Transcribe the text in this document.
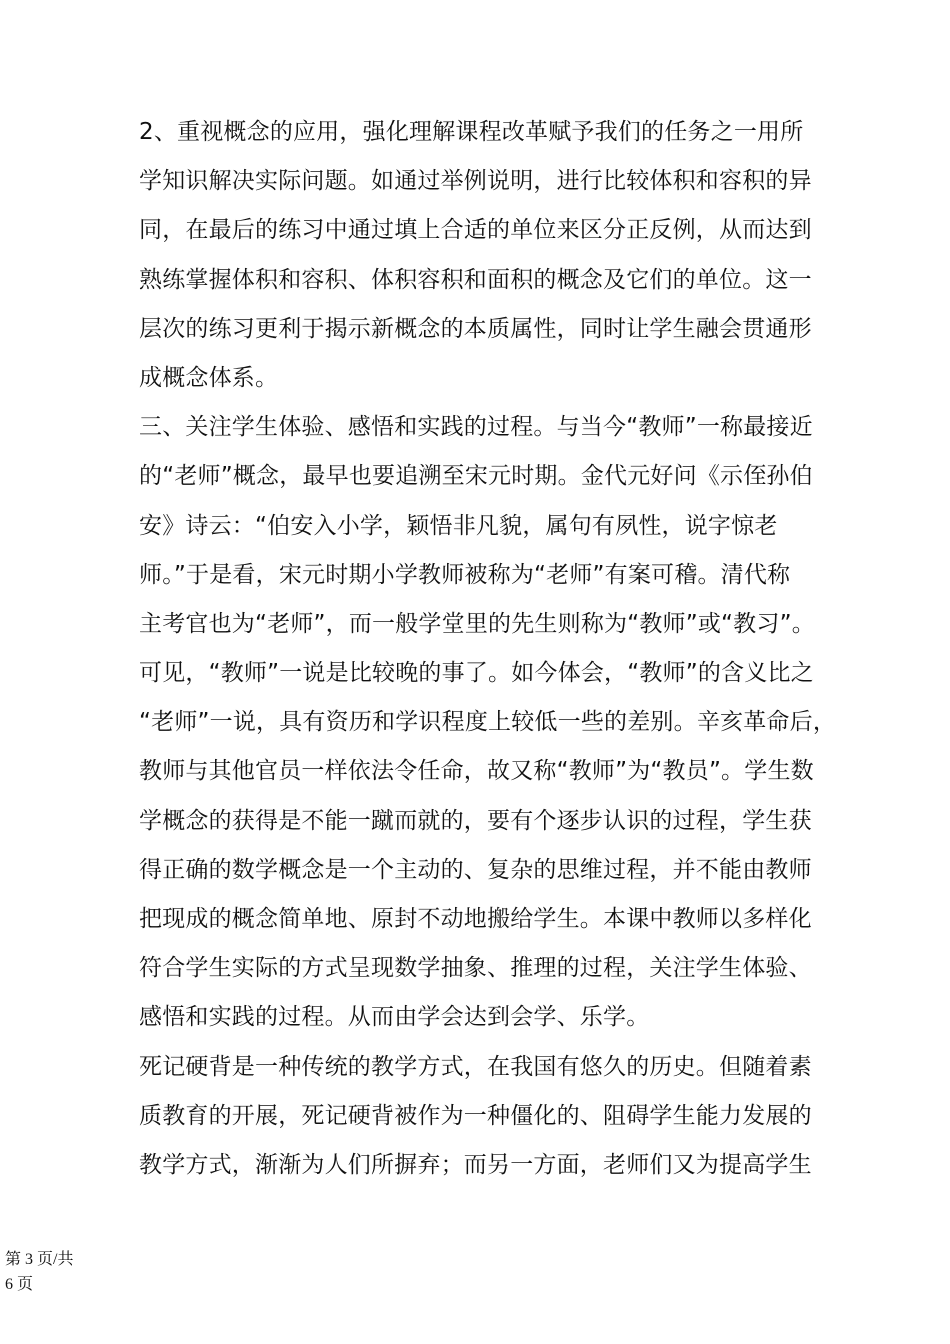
2、重视概念的应用，强化理解课程改革赋予我们的任务之一用所
学知识解决实际问题。如通过举例说明，进行比较体积和容积的异
同，在最后的练习中通过填上合适的单位来区分正反例，从而达到
熟练掌握体积和容积、体积容积和面积的概念及它们的单位。这一
层次的练习更利于揭示新概念的本质属性，同时让学生融会贯通形
成概念体系。
三、关注学生体验、感悟和实践的过程。与当今“教师”一称最接近
的“老师”概念，最早也要追溯至宋元时期。金代元好问《示侄孙伯
安》诗云：“伯安入小学，颖悟非凡貌，属句有夙性，说字惊老
师。”于是看，宋元时期小学教师被称为“老师”有案可稽。清代称
主考官也为“老师”，而一般学堂里的先生则称为“教师”或“教习”。
可见，“教师”一说是比较晚的事了。如今体会，“教师”的含义比之
“老师”一说，具有资历和学识程度上较低一些的差别。辛亥革命后，
教师与其他官员一样依法令任命，故又称“教师”为“教员”。学生数
学概念的获得是不能一蹴而就的，要有个逐步认识的过程，学生获
得正确的数学概念是一个主动的、复杂的思维过程，并不能由教师
把现成的概念简单地、原封不动地搬给学生。本课中教师以多样化
符合学生实际的方式呈现数学抽象、推理的过程，关注学生体验、
感悟和实践的过程。从而由学会达到会学、乐学。
死记硬背是一种传统的教学方式，在我国有悠久的历史。但随着素
质教育的开展，死记硬背被作为一种僵化的、阻碍学生能力发展的
教学方式，渐渐为人们所摒弃；而另一方面，老师们又为提高学生
第 3 页/共
6 页
